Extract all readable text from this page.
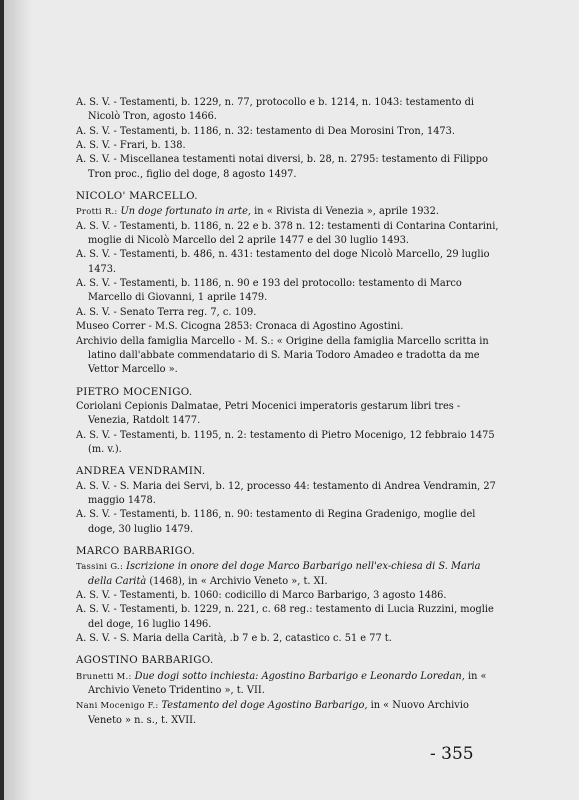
A. S. V. - Testamenti, b. 1229, n. 77, protocollo e b. 1214, n. 1043: testamento di Nicolò Tron, agosto 1466.
A. S. V. - Testamenti, b. 1186, n. 32: testamento di Dea Morosini Tron, 1473.
A. S. V. - Frari, b. 138.
A. S. V. - Miscellanea testamenti notai diversi, b. 28, n. 2795: testamento di Filippo Tron proc., figlio del doge, 8 agosto 1497.
NICOLO' MARCELLO.
Protti R.: Un doge fortunato in arte, in « Rivista di Venezia », aprile 1932.
A. S. V. - Testamenti, b. 1186, n. 22 e b. 378 n. 12: testamenti di Contarina Contarini, moglie di Nicolò Marcello del 2 aprile 1477 e del 30 luglio 1493.
A. S. V. - Testamenti, b. 486, n. 431: testamento del doge Nicolò Marcello, 29 luglio 1473.
A. S. V. - Testamenti, b. 1186, n. 90 e 193 del protocollo: testamento di Marco Marcello di Giovanni, 1 aprile 1479.
A. S. V. - Senato Terra reg. 7, c. 109.
Museo Correr - M.S. Cicogna 2853: Cronaca di Agostino Agostini.
Archivio della famiglia Marcello - M. S.: « Origine della famiglia Marcello scritta in latino dall'abbate commendatario di S. Maria Todoro Amadeo e tradotta da me Vettor Marcello ».
PIETRO MOCENIGO.
Coriolani Cepionis Dalmatae, Petri Mocenici imperatoris gestarum libri tres - Venezia, Ratdolt 1477.
A. S. V. - Testamenti, b. 1195, n. 2: testamento di Pietro Mocenigo, 12 febbraio 1475 (m. v.).
ANDREA VENDRAMIN.
A. S. V. - S. Maria dei Servi, b. 12, processo 44: testamento di Andrea Vendramin, 27 maggio 1478.
A. S. V. - Testamenti, b. 1186, n. 90: testamento di Regina Gradenigo, moglie del doge, 30 luglio 1479.
MARCO BARBARIGO.
Tassini G.: Iscrizione in onore del doge Marco Barbarigo nell'ex-chiesa di S. Maria della Carità (1468), in « Archivio Veneto », t. XI.
A. S. V. - Testamenti, b. 1060: codicillo di Marco Barbarigo, 3 agosto 1486.
A. S. V. - Testamenti, b. 1229, n. 221, c. 68 reg.: testamento di Lucia Ruzzini, moglie del doge, 16 luglio 1496.
A. S. V. - S. Maria della Carità, .b 7 e b. 2, catastico c. 51 e 77 t.
AGOSTINO BARBARIGO.
Brunetti M.: Due dogi sotto inchiesta: Agostino Barbarigo e Leonardo Loredan, in « Archivio Veneto Tridentino », t. VII.
Nani Mocenigo F.: Testamento del doge Agostino Barbarigo, in « Nuovo Archivio Veneto » n. s., t. XVII.
- 355
